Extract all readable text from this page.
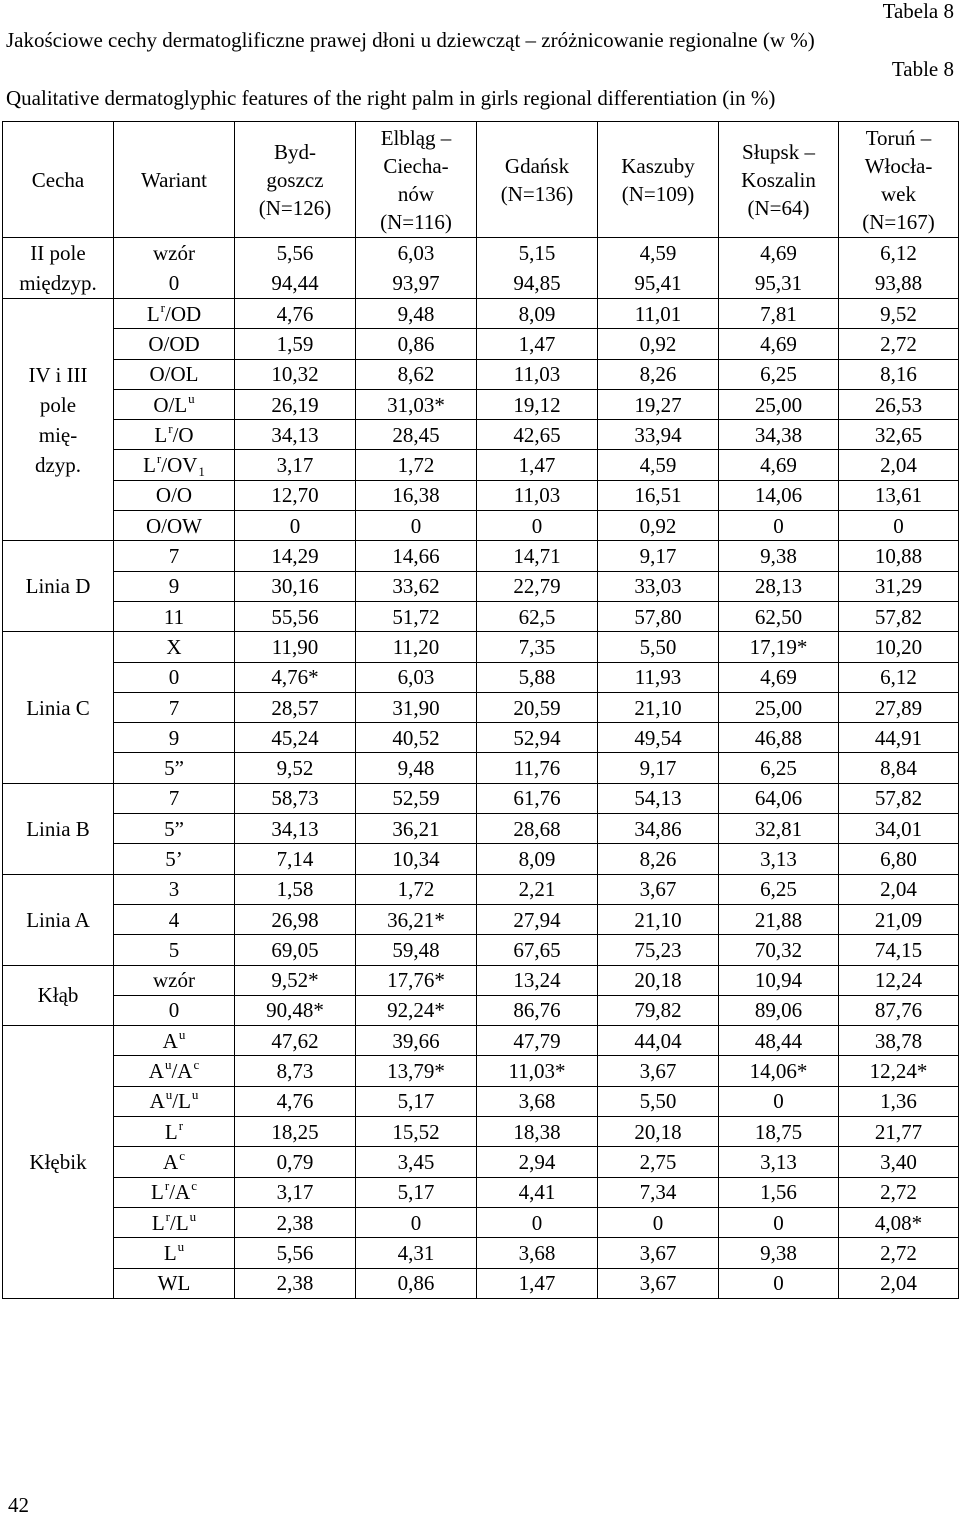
Tabela 8
Jakościowe cechy dermatoglificzne prawej dłoni u dziewcząt – zróżnicowanie regionalne (w %)
Table 8
Qualitative dermatoglyphic features of the right palm in girls regional differentiation (in %)
Cecha	Wariant	Byd-
goszcz
(N=126)	Elbląg –
Ciecha-
nów
(N=116)	Gdańsk
(N=136)	Kaszuby
(N=109)	Słupsk –
Koszalin
(N=64)	Toruń –
Włocła-
wek
(N=167)
II pole
międzyp.	wzór	5,56	6,03	5,15	4,59	4,69	6,12
	0	94,44	93,97	94,85	95,41	95,31	93,88
IV i III
pole
mię-
dzyp.	$L^r/OD$	4,76	9,48	8,09	11,01	7,81	9,52
	O/OD	1,59	0,86	1,47	0,92	4,69	2,72
	O/OL	10,32	8,62	11,03	8,26	6,25	8,16
	$O/L^u$	26,19	31,03*	19,12	19,27	25,00	26,53
	$L^r/O$	34,13	28,45	42,65	33,94	34,38	32,65
	$L^r/OV_1$	3,17	1,72	1,47	4,59	4,69	2,04
	O/O	12,70	16,38	11,03	16,51	14,06	13,61
	O/OW	0	0	0	0,92	0	0
Linia D	7	14,29	14,66	14,71	9,17	9,38	10,88
	9	30,16	33,62	22,79	33,03	28,13	31,29
	11	55,56	51,72	62,5	57,80	62,50	57,82
Linia C	X	11,90	11,20	7,35	5,50	17,19*	10,20
	0	4,76*	6,03	5,88	11,93	4,69	6,12
	7	28,57	31,90	20,59	21,10	25,00	27,89
	9	45,24	40,52	52,94	49,54	46,88	44,91
	5”	9,52	9,48	11,76	9,17	6,25	8,84
Linia B	7	58,73	52,59	61,76	54,13	64,06	57,82
	5”	34,13	36,21	28,68	34,86	32,81	34,01
	5’	7,14	10,34	8,09	8,26	3,13	6,80
Linia A	3	1,58	1,72	2,21	3,67	6,25	2,04
	4	26,98	36,21*	27,94	21,10	21,88	21,09
	5	69,05	59,48	67,65	75,23	70,32	74,15
Kłąb	wzór	9,52*	17,76*	13,24	20,18	10,94	12,24
	0	90,48*	92,24*	86,76	79,82	89,06	87,76
Kłębik	$A^u$	47,62	39,66	47,79	44,04	48,44	38,78
	$A^u/A^c$	8,73	13,79*	11,03*	3,67	14,06*	12,24*
	$A^u/L^u$	4,76	5,17	3,68	5,50	0	1,36
	$L^r$	18,25	15,52	18,38	20,18	18,75	21,77
	$A^c$	0,79	3,45	2,94	2,75	3,13	3,40
	$L^r/A^c$	3,17	5,17	4,41	7,34	1,56	2,72
	$L^r/L^u$	2,38	0	0	0	0	4,08*
	$L^u$	5,56	4,31	3,68	3,67	9,38	2,72
	WL	2,38	0,86	1,47	3,67	0	2,04
42
